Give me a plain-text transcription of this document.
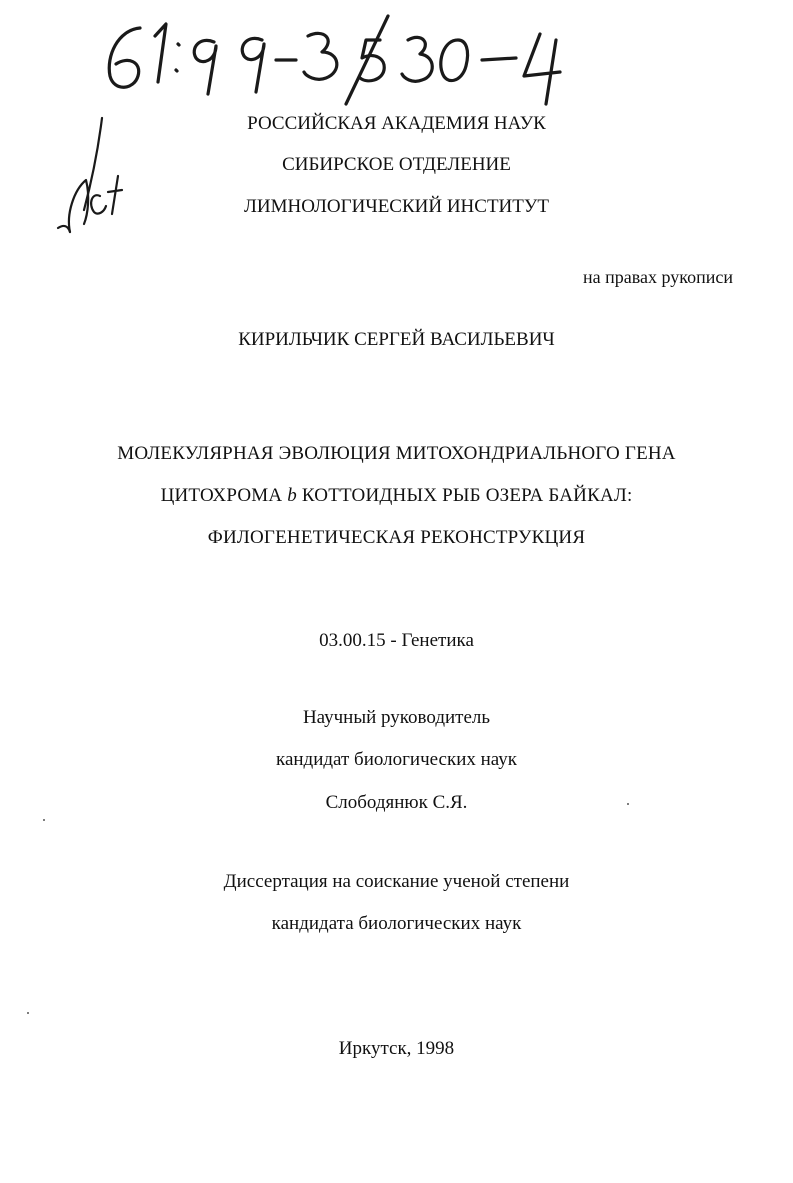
РОССИЙСКАЯ АКАДЕМИЯ НАУК
СИБИРСКОЕ ОТДЕЛЕНИЕ
ЛИМНОЛОГИЧЕСКИЙ ИНСТИТУТ
на правах рукописи
КИРИЛЬЧИК СЕРГЕЙ ВАСИЛЬЕВИЧ
МОЛЕКУЛЯРНАЯ ЭВОЛЮЦИЯ МИТОХОНДРИАЛЬНОГО ГЕНА
ЦИТОХРОМА b КОТТОИДНЫХ РЫБ ОЗЕРА БАЙКАЛ:
ФИЛОГЕНЕТИЧЕСКАЯ РЕКОНСТРУКЦИЯ
03.00.15 - Генетика
Научный руководитель
кандидат биологических наук
Слободянюк С.Я.
Диссертация на соискание ученой степени
кандидата биологических наук
Иркутск, 1998
